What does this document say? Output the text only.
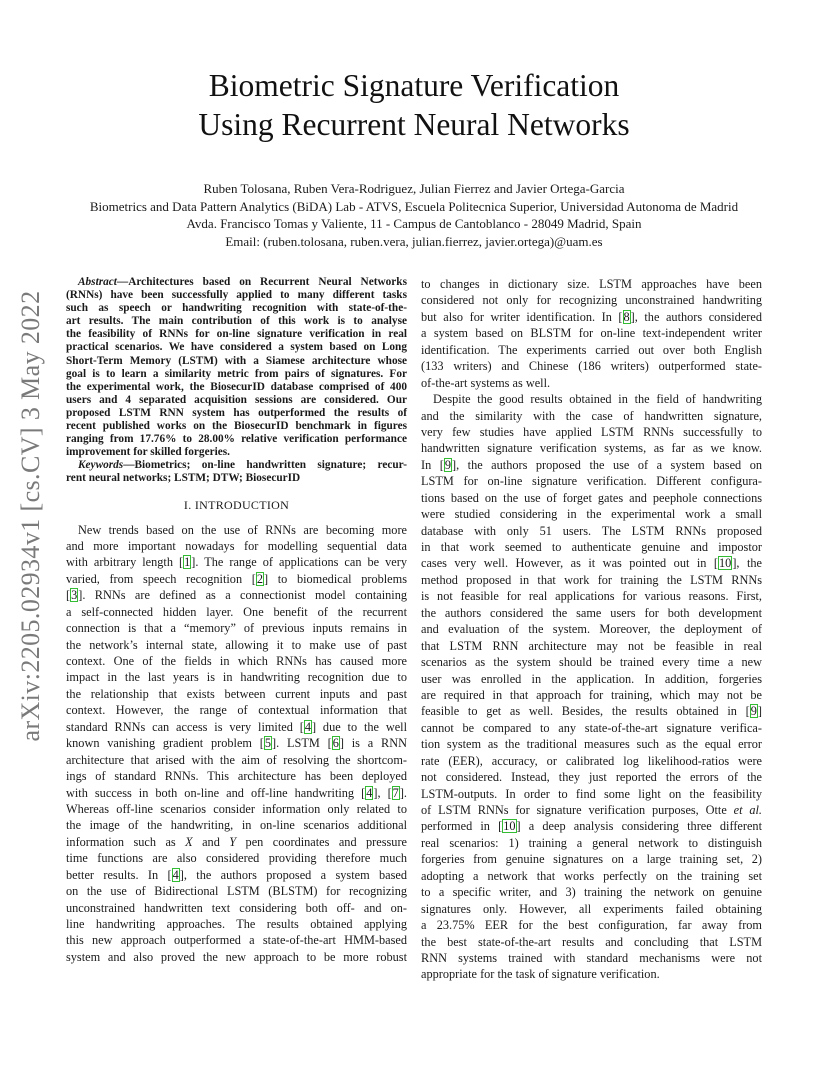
arXiv:2205.02934v1 [cs.CV] 3 May 2022
Biometric Signature Verification
Using Recurrent Neural Networks
Ruben Tolosana, Ruben Vera-Rodriguez, Julian Fierrez and Javier Ortega-Garcia
Biometrics and Data Pattern Analytics (BiDA) Lab - ATVS, Escuela Politecnica Superior, Universidad Autonoma de Madrid
Avda. Francisco Tomas y Valiente, 11 - Campus de Cantoblanco - 28049 Madrid, Spain
Email: (ruben.tolosana, ruben.vera, julian.fierrez, javier.ortega)@uam.es
Abstract—Architectures based on Recurrent Neural Networks
(RNNs) have been successfully applied to many different tasks
such as speech or handwriting recognition with state-of-the-
art results. The main contribution of this work is to analyse
the feasibility of RNNs for on-line signature verification in real
practical scenarios. We have considered a system based on Long
Short-Term Memory (LSTM) with a Siamese architecture whose
goal is to learn a similarity metric from pairs of signatures. For
the experimental work, the BiosecurID database comprised of 400
users and 4 separated acquisition sessions are considered. Our
proposed LSTM RNN system has outperformed the results of
recent published works on the BiosecurID benchmark in figures
ranging from 17.76% to 28.00% relative verification performance
improvement for skilled forgeries.
Keywords—Biometrics; on-line handwritten signature; recur-
rent neural networks; LSTM; DTW; BiosecurID
I. INTRODUCTION
New trends based on the use of RNNs are becoming more
and more important nowadays for modelling sequential data
with arbitrary length [1]. The range of applications can be very
varied, from speech recognition [2] to biomedical problems
[3]. RNNs are defined as a connectionist model containing
a self-connected hidden layer. One benefit of the recurrent
connection is that a “memory” of previous inputs remains in
the network’s internal state, allowing it to make use of past
context. One of the fields in which RNNs has caused more
impact in the last years is in handwriting recognition due to
the relationship that exists between current inputs and past
context. However, the range of contextual information that
standard RNNs can access is very limited [4] due to the well
known vanishing gradient problem [5]. LSTM [6] is a RNN
architecture that arised with the aim of resolving the shortcom-
ings of standard RNNs. This architecture has been deployed
with success in both on-line and off-line handwriting [4], [7].
Whereas off-line scenarios consider information only related to
the image of the handwriting, in on-line scenarios additional
information such as X and Y pen coordinates and pressure
time functions are also considered providing therefore much
better results. In [4], the authors proposed a system based
on the use of Bidirectional LSTM (BLSTM) for recognizing
unconstrained handwritten text considering both off- and on-
line handwriting approaches. The results obtained applying
this new approach outperformed a state-of-the-art HMM-based
system and also proved the new approach to be more robust
to changes in dictionary size. LSTM approaches have been
considered not only for recognizing unconstrained handwriting
but also for writer identification. In [8], the authors considered
a system based on BLSTM for on-line text-independent writer
identification. The experiments carried out over both English
(133 writers) and Chinese (186 writers) outperformed state-
of-the-art systems as well.
Despite the good results obtained in the field of handwriting
and the similarity with the case of handwritten signature,
very few studies have applied LSTM RNNs successfully to
handwritten signature verification systems, as far as we know.
In [9], the authors proposed the use of a system based on
LSTM for on-line signature verification. Different configura-
tions based on the use of forget gates and peephole connections
were studied considering in the experimental work a small
database with only 51 users. The LSTM RNNs proposed
in that work seemed to authenticate genuine and impostor
cases very well. However, as it was pointed out in [10], the
method proposed in that work for training the LSTM RNNs
is not feasible for real applications for various reasons. First,
the authors considered the same users for both development
and evaluation of the system. Moreover, the deployment of
that LSTM RNN architecture may not be feasible in real
scenarios as the system should be trained every time a new
user was enrolled in the application. In addition, forgeries
are required in that approach for training, which may not be
feasible to get as well. Besides, the results obtained in [9]
cannot be compared to any state-of-the-art signature verifica-
tion system as the traditional measures such as the equal error
rate (EER), accuracy, or calibrated log likelihood-ratios were
not considered. Instead, they just reported the errors of the
LSTM-outputs. In order to find some light on the feasibility
of LSTM RNNs for signature verification purposes, Otte et al.
performed in [10] a deep analysis considering three different
real scenarios: 1) training a general network to distinguish
forgeries from genuine signatures on a large training set, 2)
adopting a network that works perfectly on the training set
to a specific writer, and 3) training the network on genuine
signatures only. However, all experiments failed obtaining
a 23.75% EER for the best configuration, far away from
the best state-of-the-art results and concluding that LSTM
RNN systems trained with standard mechanisms were not
appropriate for the task of signature verification.
